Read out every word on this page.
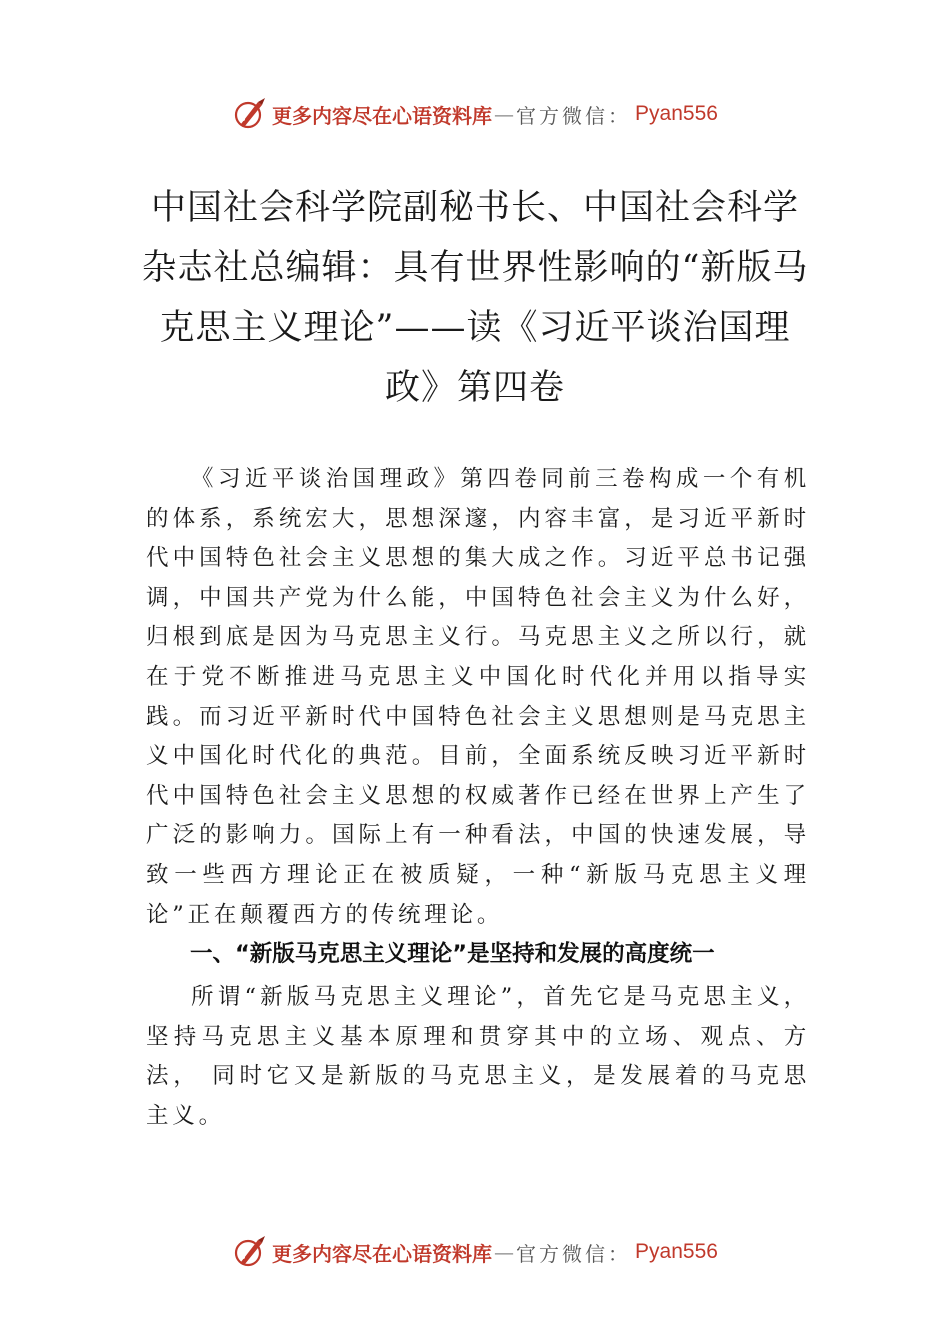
更多内容尽在心语资料库 — 官方微信： Pyan556
中国社会科学院副秘书长、中国社会科学杂志社总编辑：具有世界性影响的“新版马克思主义理论”——读《习近平谈治国理政》第四卷

《习近平谈治国理政》第四卷同前三卷构成一个有机的体系，系统宏大，思想深邃，内容丰富，是习近平新时代中国特色社会主义思想的集大成之作。习近平总书记强调，中国共产党为什么能，中国特色社会主义为什么好，归根到底是因为马克思主义行。马克思主义之所以行，就在于党不断推进马克思主义中国化时代化并用以指导实践。而习近平新时代中国特色社会主义思想则是马克思主义中国化时代化的典范。目前，全面系统反映习近平新时代中国特色社会主义思想的权威著作已经在世界上产生了广泛的影响力。国际上有一种看法，中国的快速发展，导致一些西方理论正在被质疑，一种“新版马克思主义理论”正在颠覆西方的传统理论。

一、“新版马克思主义理论”是坚持和发展的高度统一

所谓“新版马克思主义理论”，首先它是马克思主义，坚持马克思主义基本原理和贯穿其中的立场、观点、方法， 同时它又是新版的马克思主义，是发展着的马克思主义。

更多内容尽在心语资料库 — 官方微信： Pyan556
